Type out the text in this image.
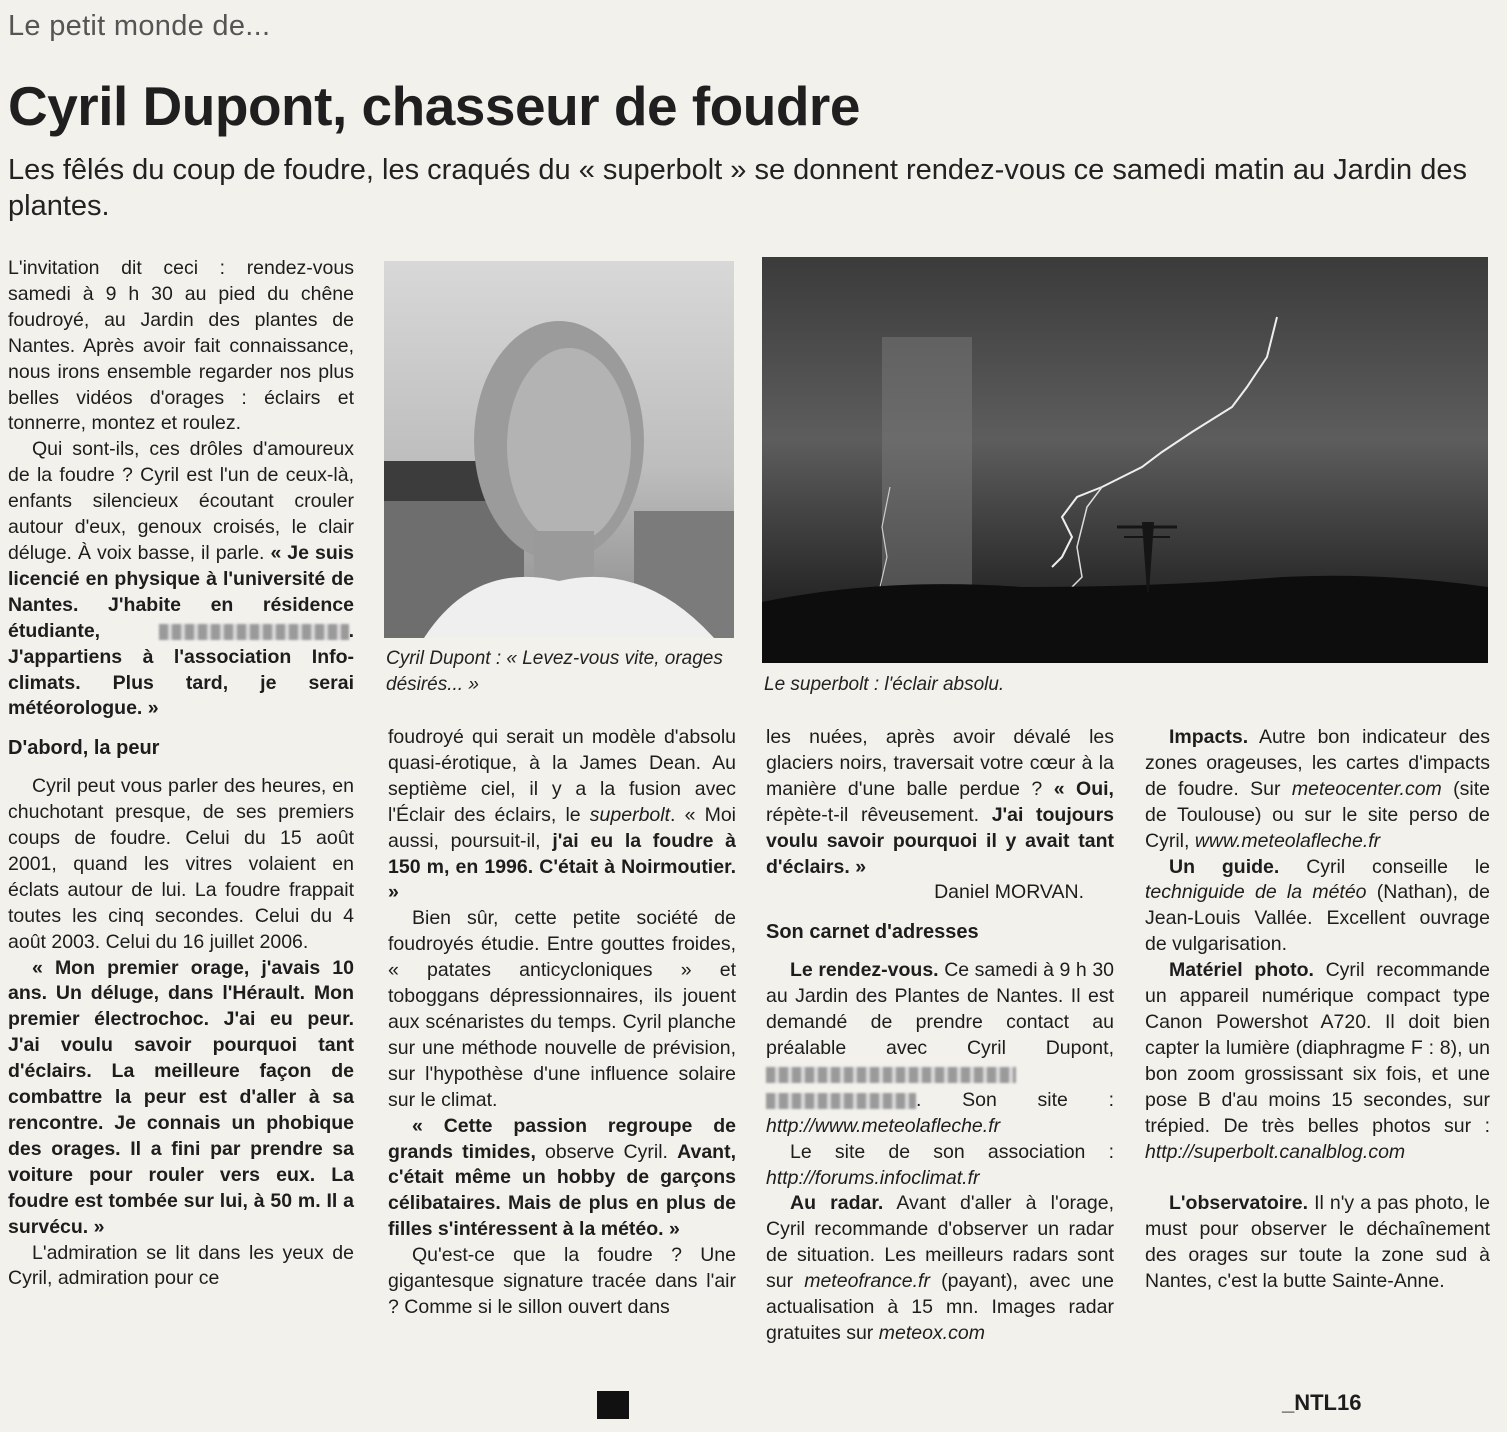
Le petit monde de...
Cyril Dupont, chasseur de foudre
Les fêlés du coup de foudre, les craqués du « superbolt » se donnent rendez-vous ce samedi matin au Jardin des plantes.

L'invitation dit ceci : rendez-vous samedi à 9 h 30 au pied du chêne foudroyé, au Jardin des plantes de Nantes. Après avoir fait connaissance, nous irons ensemble regarder nos plus belles vidéos d'orages : éclairs et tonnerre, montez et roulez.

Qui sont-ils, ces drôles d'amoureux de la foudre ? Cyril est l'un de ceux-là, enfants silencieux écoutant crouler autour d'eux, genoux croisés, le clair déluge. À voix basse, il parle. « Je suis licencié en physique à l'université de Nantes. J'habite en résidence étudiante,	. J'appartiens à l'association Info-climats. Plus tard, je serai météorologue. »

D'abord, la peur

Cyril peut vous parler des heures, en chuchotant presque, de ses premiers coups de foudre. Celui du 15 août 2001, quand les vitres volaient en éclats autour de lui. La foudre frappait toutes les cinq secondes. Celui du 4 août 2003. Celui du 16 juillet 2006.

« Mon premier orage, j'avais 10 ans. Un déluge, dans l'Hérault. Mon premier électrochoc. J'ai eu peur. J'ai voulu savoir pourquoi tant d'éclairs. La meilleure façon de combattre la peur est d'aller à sa rencontre. Je connais un phobique des orages. Il a fini par prendre sa voiture pour rouler vers eux. La foudre est tombée sur lui, à 50 m. Il a survécu. »

L'admiration se lit dans les yeux de Cyril, admiration pour ce

Cyril Dupont : « Levez-vous vite, orages désirés... »	Le superbolt : l'éclair absolu.

foudroyé qui serait un modèle d'absolu quasi-érotique, à la James Dean. Au septième ciel, il y a la fusion avec l'Éclair des éclairs, le superbolt. « Moi aussi, poursuit-il, j'ai eu la foudre à 150 m, en 1996. C'était à Noirmoutier. »

Bien sûr, cette petite société de foudroyés étudie. Entre gouttes froides, « patates anticycloniques » et toboggans dépressionnaires, ils jouent aux scénaristes du temps. Cyril planche sur une méthode nouvelle de prévision, sur l'hypothèse d'une influence solaire sur le climat.

« Cette passion regroupe de grands timides, observe Cyril. Avant, c'était même un hobby de garçons célibataires. Mais de plus en plus de filles s'intéressent à la météo. »

Qu'est-ce que la foudre ? Une gigantesque signature tracée dans l'air ? Comme si le sillon ouvert dans

les nuées, après avoir dévalé les glaciers noirs, traversait votre cœur à la manière d'une balle perdue ? « Oui, répète-t-il rêveusement. J'ai toujours voulu savoir pourquoi il y avait tant d'éclairs. »

Daniel MORVAN.

Son carnet d'adresses

Le rendez-vous. Ce samedi à 9 h 30 au Jardin des Plantes de Nantes. Il est demandé de prendre contact au préalable avec Cyril Dupont,  . Son site : http://www.meteolafleche.fr

Le site de son association : http://forums.infoclimat.fr

Au radar. Avant d'aller à l'orage, Cyril recommande d'observer un radar de situation. Les meilleurs radars sont sur meteofrance.fr (payant), avec une actualisation à 15 mn. Images radar gratuites sur meteox.com

Impacts. Autre bon indicateur des zones orageuses, les cartes d'impacts de foudre. Sur meteocenter.com (site de Toulouse) ou sur le site perso de Cyril, www.meteolafleche.fr

Un guide. Cyril conseille le techniguide de la météo (Nathan), de Jean-Louis Vallée. Excellent ouvrage de vulgarisation.

Matériel photo. Cyril recommande un appareil numérique compact type Canon Powershot A720. Il doit bien capter la lumière (diaphragme F : 8), un bon zoom grossissant six fois, et une pose B d'au moins 15 secondes, sur trépied. De très belles photos sur : http://superbolt.canalblog.com

L'observatoire. Il n'y a pas photo, le must pour observer le déchaînement des orages sur toute la zone sud à Nantes, c'est la butte Sainte-Anne.

_NTL16
